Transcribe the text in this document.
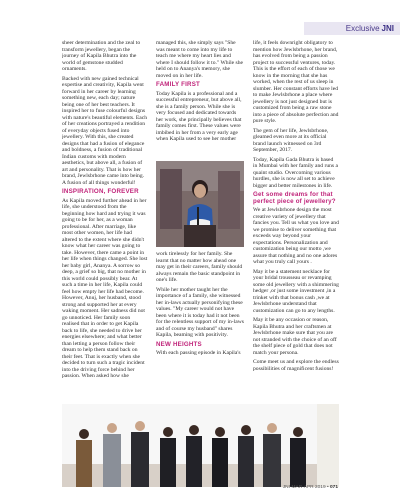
Exclusive JNI

sheer determination and the zeal to transform jewellery, began the journey of Kapila Bhutra into the world of gemstone studded ornaments.

Backed with new gained technical expertise and creativity, Kapila went forward in her career by learning something new, each day; nature being one of her best teachers. It inspired her to fuse colourful designs with nature's beautiful elements. Each of her creations portrayed a rendition of everyday objects fused into jewellery. With this, she created designs that had a fusion of elegance and boldness, a fusion of traditional Indian customs with modern aesthetics, but above all, a fusion of art and personality. That is how her brand, Jewlsbrhone came into being. A fusion of all things wonderful!

INSPIRATION, FOREVER

As Kapila moved further ahead in her life, she understood from the beginning how hard and trying it was going to be for her, as a woman professional. After marriage, like most other women, her life had altered to the extent where she didn't know what her career was going to take. However, there came a point in her life when things changed. She lost her baby girl, Ananya. A sorrow so deep, a grief so big, that no mother in this world could possibly bear. At such a time in her life, Kapila could feel how empty her life had become. However, Anuj, her husband, stood strong and supported her at every waking moment. Her sadness did not go unnoticed. Her family soon realised that in order to get Kapila back to life, she needed to drive her energies elsewhere; and what better than letting a person follow their dream to help them stand back on their feet. That is exactly when she decided to turn such a tragic incident into the driving force behind her passion. When asked how she

managed this, she simply says "She was meant to come into my life to teach me where my heart lies and where I should follow it to." While she held on to Ananya's memory, she moved on in her life.

FAMILY FIRST

Today Kapila is a professional and a successful entrepreneur, but above all, she is a family person. While she is very focused and dedicated towards her work, she principally believes that family comes first. These values were imbibed in her from a very early age when Kapila used to see her mother

work tirelessly for her family. She learnt that no matter how ahead one may get in their careers, family should always remain the basic standpoint in one's life.

While her mother taught her the importance of a family, she witnessed her in-laws actually personifying these values. "My career would not have been where it is today had it not been for the relentless support of my in-laws and of course my husband" shares Kapila, beaming with positivity.

NEW HEIGHTS

With each passing episode in Kapila's

life, it feels downright obligatory to mention how Jewlsbrhone, her brand, has evolved from being a passion project to successful ventures, today. This is the effort of each of those we know in the morning that she has worked, when the rest of us sleep in slumber. Her constant efforts have led to make Jewlsbrhone a place where jewellery is not just designed but is customized from being a raw stone into a piece of absolute perfection and pure style.

The gem of her life, Jewlsbrhone, gleamed even more at its official brand launch witnessed on 3rd September, 2017.

Today, Kapila Gada Bhutra is based in Mumbai with her family and runs a quaint studio. Overcoming various hurdles, she is now all set to achieve bigger and better milestones in life.

Get some dreams for that perfect piece of jewellery?

We at Jewlsbrhone design the most creative variety of jewellery that fancies you. Tell us what you love and we promise to deliver something that exceeds way beyond your expectations. Personalization and customization being our motto ,we assure that nothing and no one adores what you truly call yours .

May it be a statement necklace for your bridal trousseau or revamping some old jewellery with a shimmering hedger ,or just some investment ,in a trinket with that bonus cash ,we at Jewlsbrhone understand that customization can go to any lengths.

May it be any occasion or reason, Kapila Bhutra and her craftsmen at Jewlsbrhone make sure that you are not stranded with the choice of an off the shelf piece of gold that does not match your persona.

Come meet us and explore the endless possibilities of magnificent fusions!

JNI-MAR-APR 2019 • 071
